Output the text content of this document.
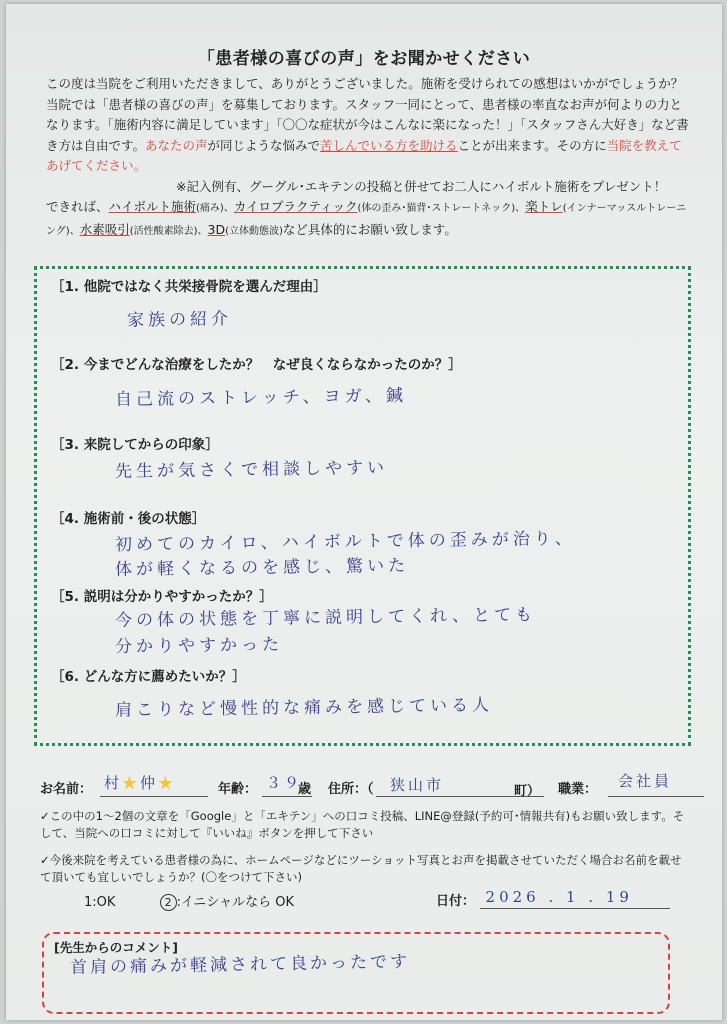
「患者様の喜びの声」をお聞かせください

この度は当院をご利用いただきまして、ありがとうございました。施術を受けられての感想はいかがでしょうか？

当院では「患者様の喜びの声」を募集しております。スタッフ一同にとって、患者様の率直なお声が何よりの力となります。「施術内容に満足しています」「〇〇な症状が今はこんなに楽になった！」「スタッフさん大好き」など書き方は自由です。あなたの声が同じような悩みで苦しんでいる方を助けることが出来ます。その方に当院を教えてあげてください。

※記入例有、グーグル･エキテンの投稿と併せてお二人にハイボルト施術をプレゼント！

できれば、ハイボルト施術(痛み)、カイロプラクティック(体の歪み･猫背･ストレートネック)、楽トレ(インナーマッスルトレーニング)、水素吸引(活性酸素除去)、3D(立体動態波)など具体的にお願い致します。

［1. 他院ではなく共栄接骨院を選んだ理由］
家族の紹介
［2. 今までどんな治療をしたか？　なぜ良くならなかったのか？］
自己流のストレッチ、ヨガ、鍼
［3. 来院してからの印象］
先生が気さくで相談しやすい
［4. 施術前・後の状態］
初めてのカイロ、ハイボルトで体の歪みが治り、
体が軽くなるのを感じ、驚いた
［5. 説明は分かりやすかったか？］
今の体の状態を丁寧に説明してくれ、とても
分かりやすかった
［6. どんな方に薦めたいか？］
肩こりなど慢性的な痛みを感じている人
お名前： 村★仲★	年齢： ３９
歳 住所：（ 狭山市	町） 職業： 会社員
✓この中の1〜2個の文章を「Google」と「エキテン」への口コミ投稿、LINE@登録(予約可･情報共有)もお願い致します。そして、当院への口コミに対して『いいね』ボタンを押して下さい
✓今後来院を考えている患者様の為に、ホームページなどにツーショット写真とお声を掲載させていただく場合お名前を載せて頂いても宜しいでしょうか？(〇をつけて下さい)
1:OK	2 :イニシャルなら OK	日付： 2026 . 1 . 19
[先生からのコメント]
首肩の痛みが軽減されて良かったです
